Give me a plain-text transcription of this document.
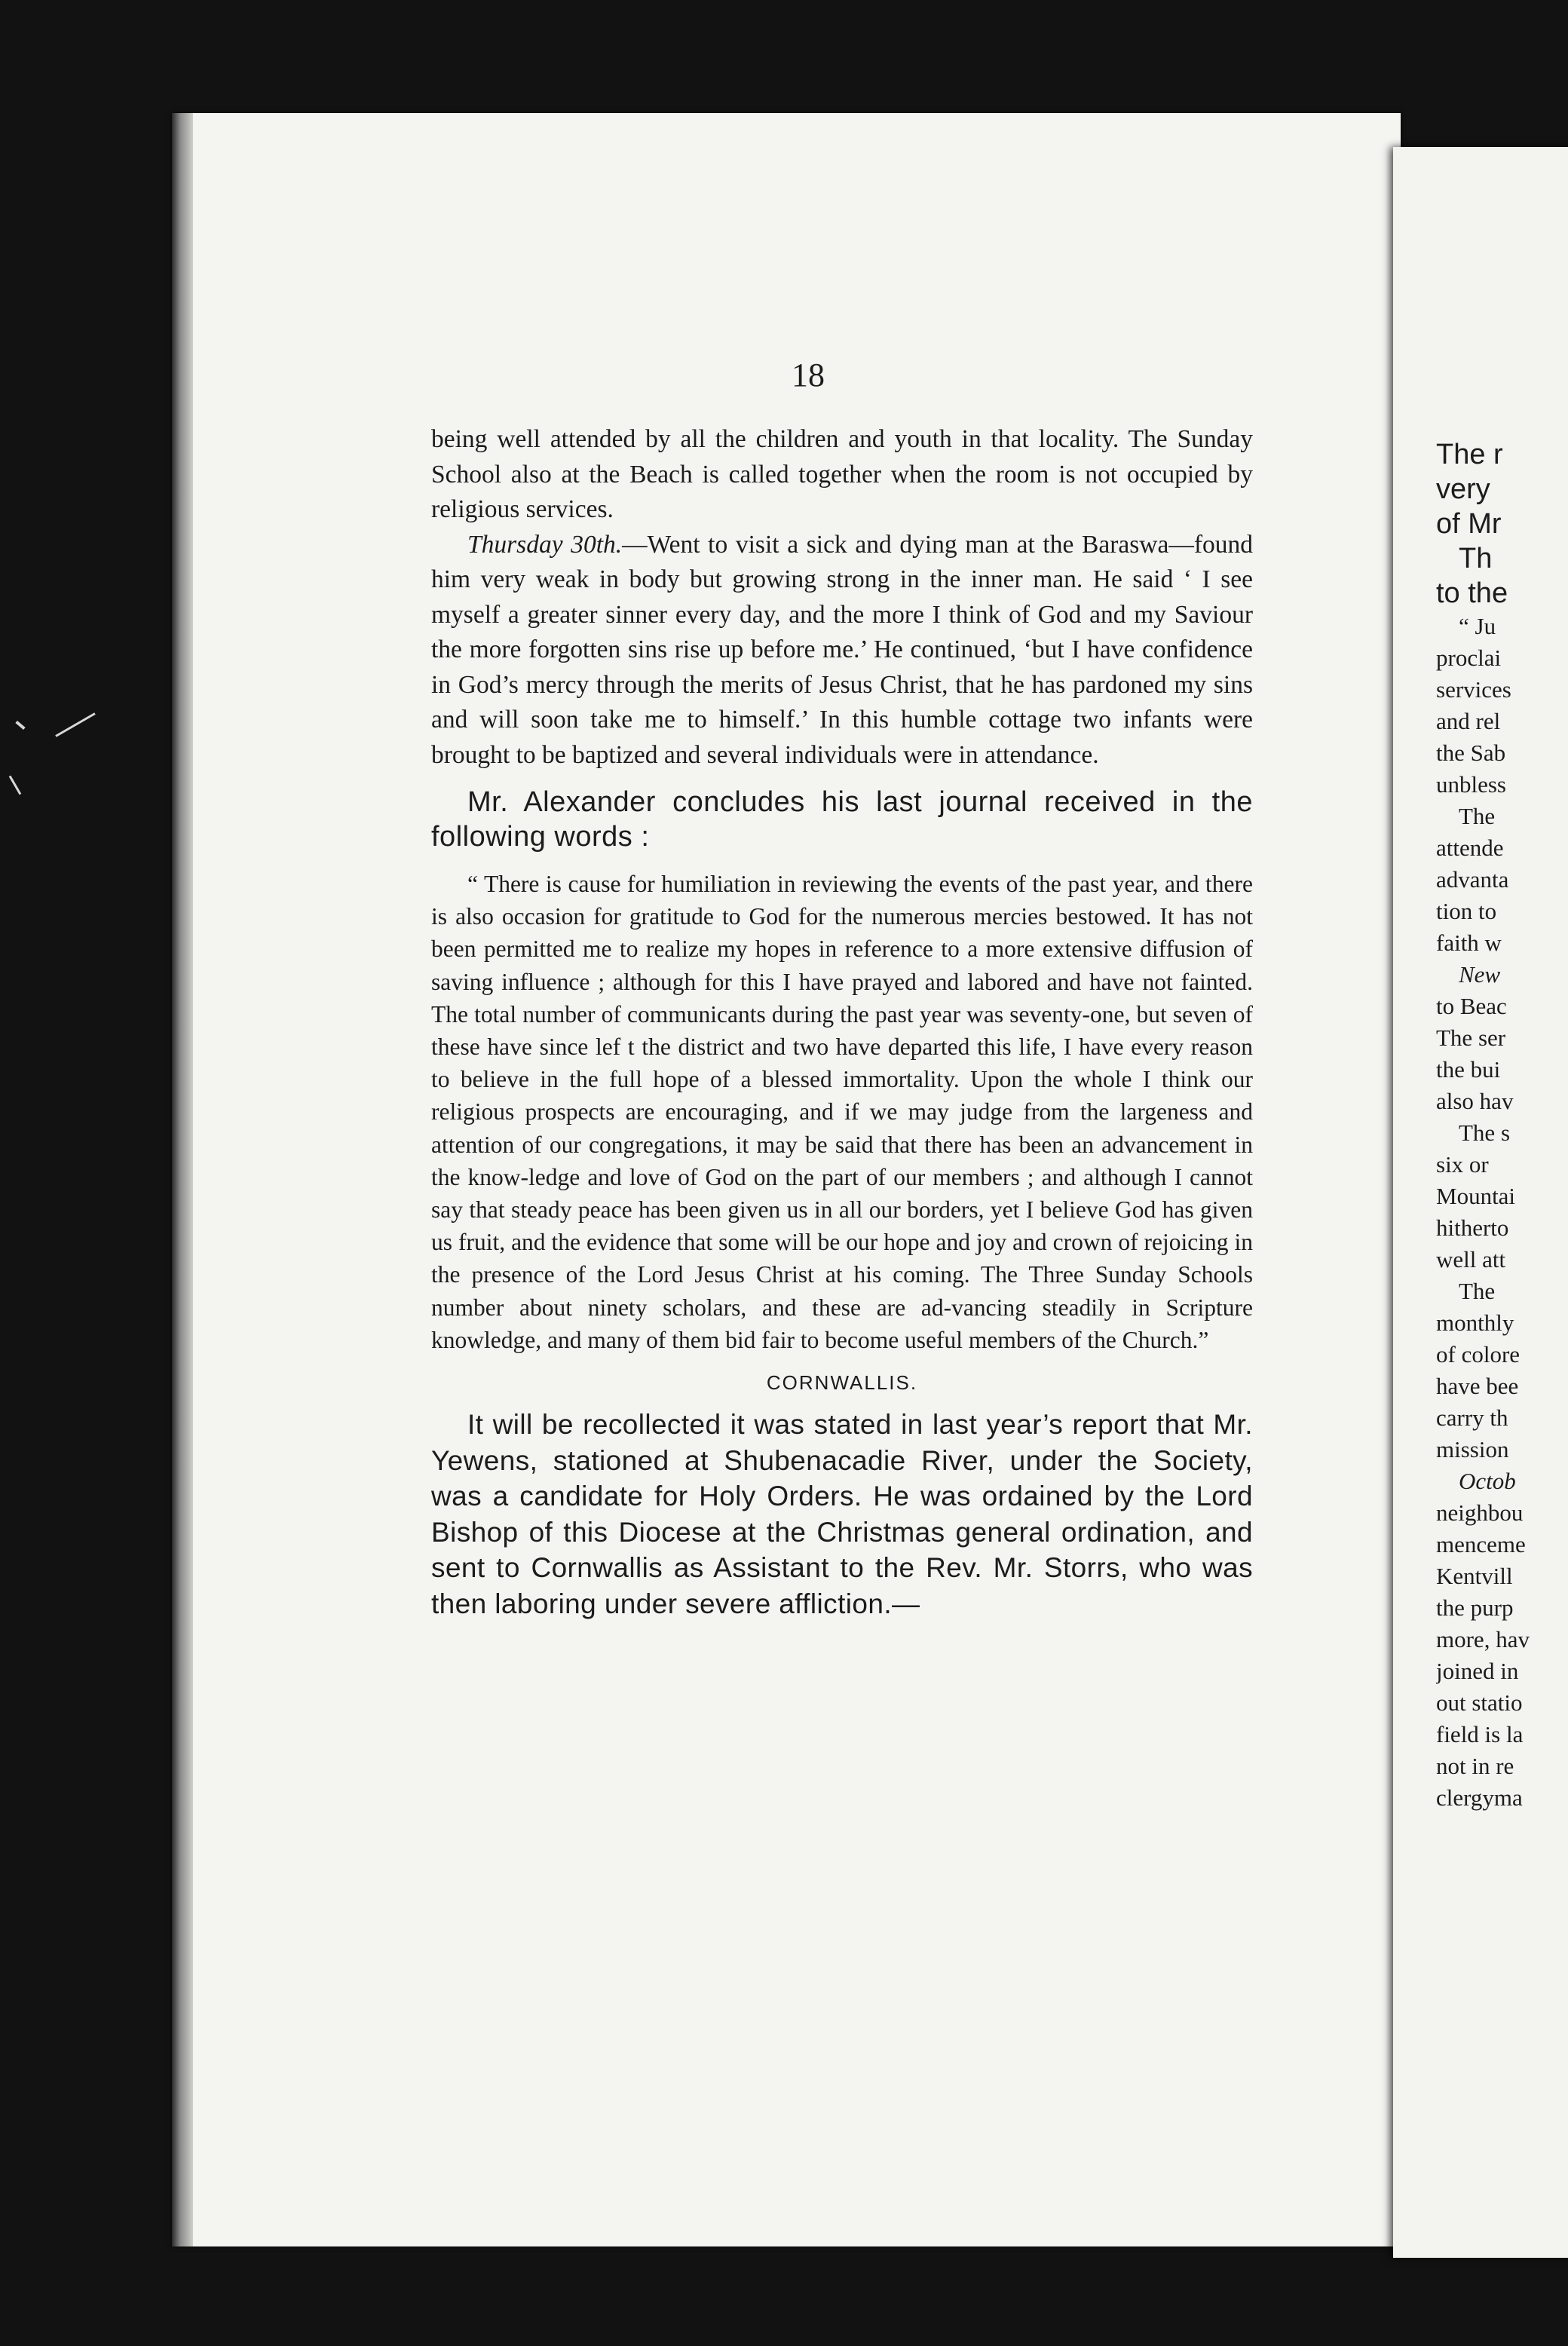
18

being well attended by all the children and youth in that locality. The Sunday School also at the Beach is called together when the room is not occupied by religious services.

Thursday 30th.—Went to visit a sick and dying man at the Baraswa—found him very weak in body but growing strong in the inner man. He said ‘ I see myself a greater sinner every day, and the more I think of God and my Saviour the more forgotten sins rise up before me.’ He continued, ‘but I have confidence in God’s mercy through the merits of Jesus Christ, that he has pardoned my sins and will soon take me to himself.’ In this humble cottage two infants were brought to be baptized and several individuals were in attendance.

Mr. Alexander concludes his last journal received in the following words :

“ There is cause for humiliation in reviewing the events of the past year, and there is also occasion for gratitude to God for the numerous mercies bestowed. It has not been permitted me to realize my hopes in reference to a more extensive diffusion of saving influence ; although for this I have prayed and labored and have not fainted. The total number of communicants during the past year was seventy-one, but seven of these have since lef t the district and two have departed this life, I have every reason to believe in the full hope of a blessed immortality. Upon the whole I think our religious prospects are encouraging, and if we may judge from the largeness and attention of our congregations, it may be said that there has been an advancement in the know-ledge and love of God on the part of our members ; and although I cannot say that steady peace has been given us in all our borders, yet I believe God has given us fruit, and the evidence that some will be our hope and joy and crown of rejoicing in the presence of the Lord Jesus Christ at his coming. The Three Sunday Schools number about ninety scholars, and these are ad-vancing steadily in Scripture knowledge, and many of them bid fair to become useful members of the Church.”

CORNWALLIS.

It will be recollected it was stated in last year’s report that Mr. Yewens, stationed at Shubenacadie River, under the Society, was a candidate for Holy Orders. He was ordained by the Lord Bishop of this Diocese at the Christmas general ordination, and sent to Cornwallis as Assistant to the Rev. Mr. Storrs, who was then laboring under severe affliction.—

The r
very
of Mr
Th
to the
“ Ju
proclai
services
and rel
the Sab
unbless
The
attende
advanta
tion to
faith w
New
to Beac
The ser
the bui
also hav
The s
six or
Mountai
hitherto
well att
The
monthly
of colore
have bee
carry th
mission
Octob
neighbou
menceme
Kentvill
the purp
more, hav
joined in
out statio
field is la
not in re
clergyma
